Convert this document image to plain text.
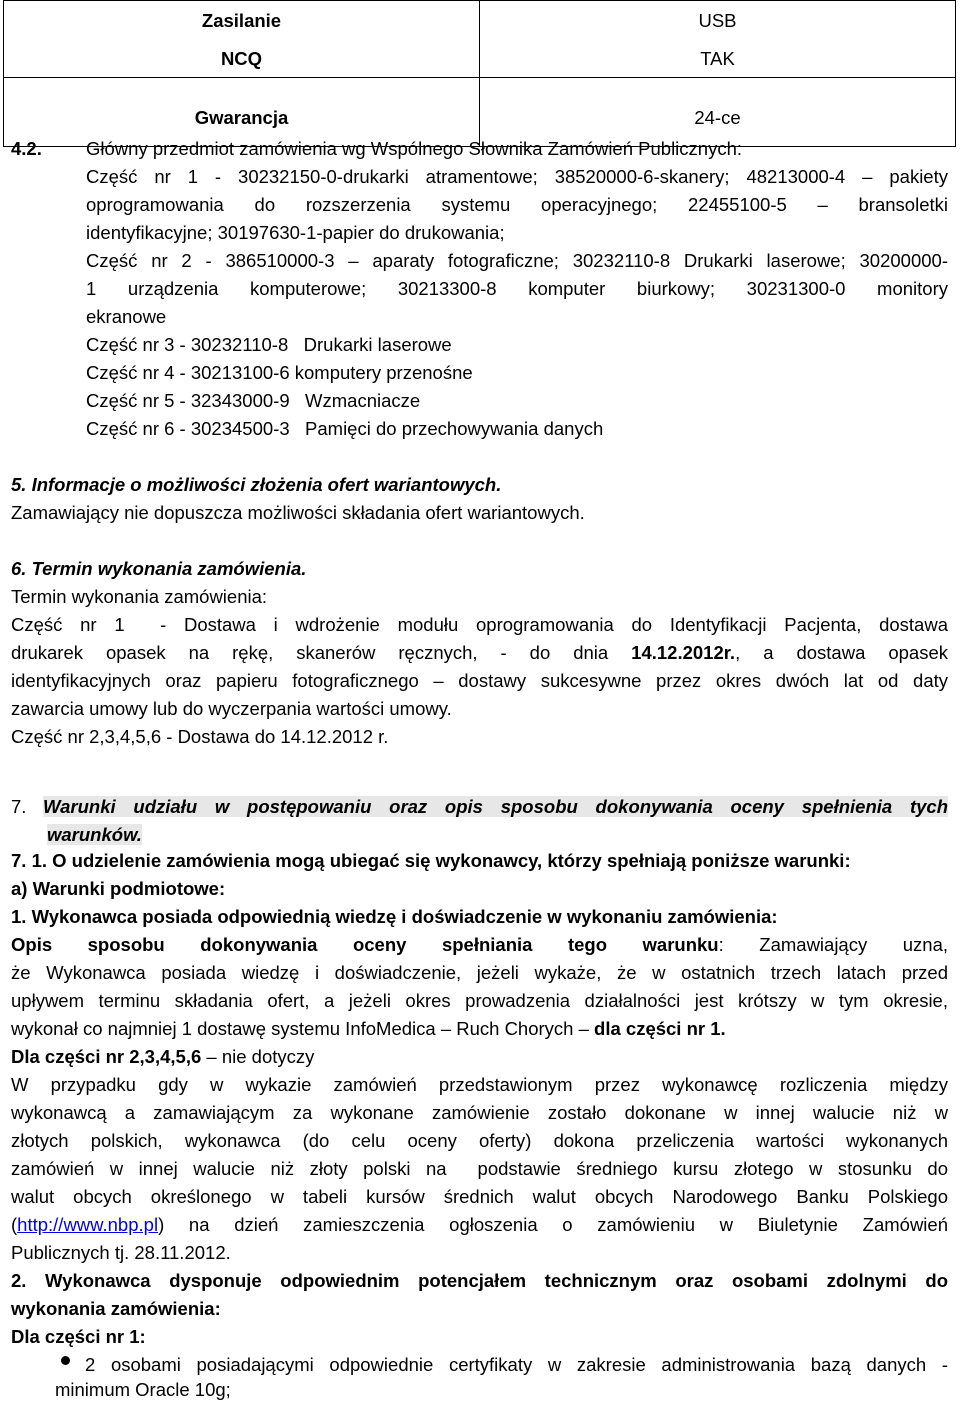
Zasilanie	USB
NCQ	TAK
Gwarancja	24-ce
4.2. Główny przedmiot zamówienia wg Wspólnego Słownika Zamówień Publicznych:
Część nr 1 - 30232150-0-drukarki atramentowe; 38520000-6-skanery; 48213000-4 – pakiety
oprogramowania do rozszerzenia systemu operacyjnego; 22455100-5 – bransoletki
identyfikacyjne; 30197630-1-papier do drukowania;
Część nr 2 - 386510000-3 – aparaty fotograficzne; 30232110-8 Drukarki laserowe; 30200000-
1 urządzenia komputerowe; 30213300-8 komputer biurkowy; 30231300-0 monitory
ekranowe
Część nr 3 - 30232110-8   Drukarki laserowe
Część nr 4 - 30213100-6 komputery przenośne
Część nr 5 - 32343000-9   Wzmacniacze
Część nr 6 - 30234500-3   Pamięci do przechowywania danych
5. Informacje o możliwości złożenia ofert wariantowych.
Zamawiający nie dopuszcza możliwości składania ofert wariantowych.
6. Termin wykonania zamówienia.
Termin wykonania zamówienia:
Część nr 1  - Dostawa i wdrożenie modułu oprogramowania do Identyfikacji Pacjenta, dostawa
drukarek opasek na rękę, skanerów ręcznych, - do dnia 14.12.2012r., a dostawa opasek
identyfikacyjnych oraz papieru fotograficznego – dostawy sukcesywne przez okres dwóch lat od daty
zawarcia umowy lub do wyczerpania wartości umowy.
Część nr 2,3,4,5,6 - Dostawa do 14.12.2012 r.
7. Warunki udziału w postępowaniu oraz opis sposobu dokonywania oceny spełnienia tych
warunków.
7. 1. O udzielenie zamówienia mogą ubiegać się wykonawcy, którzy spełniają poniższe warunki:
a) Warunki podmiotowe:
1. Wykonawca posiada odpowiednią wiedzę i doświadczenie w wykonaniu zamówienia:
Opis sposobu dokonywania oceny spełniania tego warunku: Zamawiający uzna,
że Wykonawca posiada wiedzę i doświadczenie, jeżeli wykaże, że w ostatnich trzech latach przed
upływem terminu składania ofert, a jeżeli okres prowadzenia działalności jest krótszy w tym okresie,
wykonał co najmniej 1 dostawę systemu InfoMedica – Ruch Chorych – dla części nr 1.
Dla części nr 2,3,4,5,6 – nie dotyczy
W przypadku gdy w wykazie zamówień przedstawionym przez wykonawcę rozliczenia między
wykonawcą a zamawiającym za wykonane zamówienie zostało dokonane w innej walucie niż w
złotych polskich, wykonawca (do celu oceny oferty) dokona przeliczenia wartości wykonanych
zamówień w innej walucie niż złoty polski na  podstawie średniego kursu złotego w stosunku do
walut obcych określonego w tabeli kursów średnich walut obcych Narodowego Banku Polskiego
(http://www.nbp.pl) na dzień zamieszczenia ogłoszenia o zamówieniu w Biuletynie Zamówień
Publicznych tj. 28.11.2012.
2. Wykonawca dysponuje odpowiednim potencjałem technicznym oraz osobami zdolnymi do
wykonania zamówienia:
Dla części nr 1:
2 osobami posiadającymi odpowiednie certyfikaty w zakresie administrowania bazą danych -
minimum Oracle 10g;
